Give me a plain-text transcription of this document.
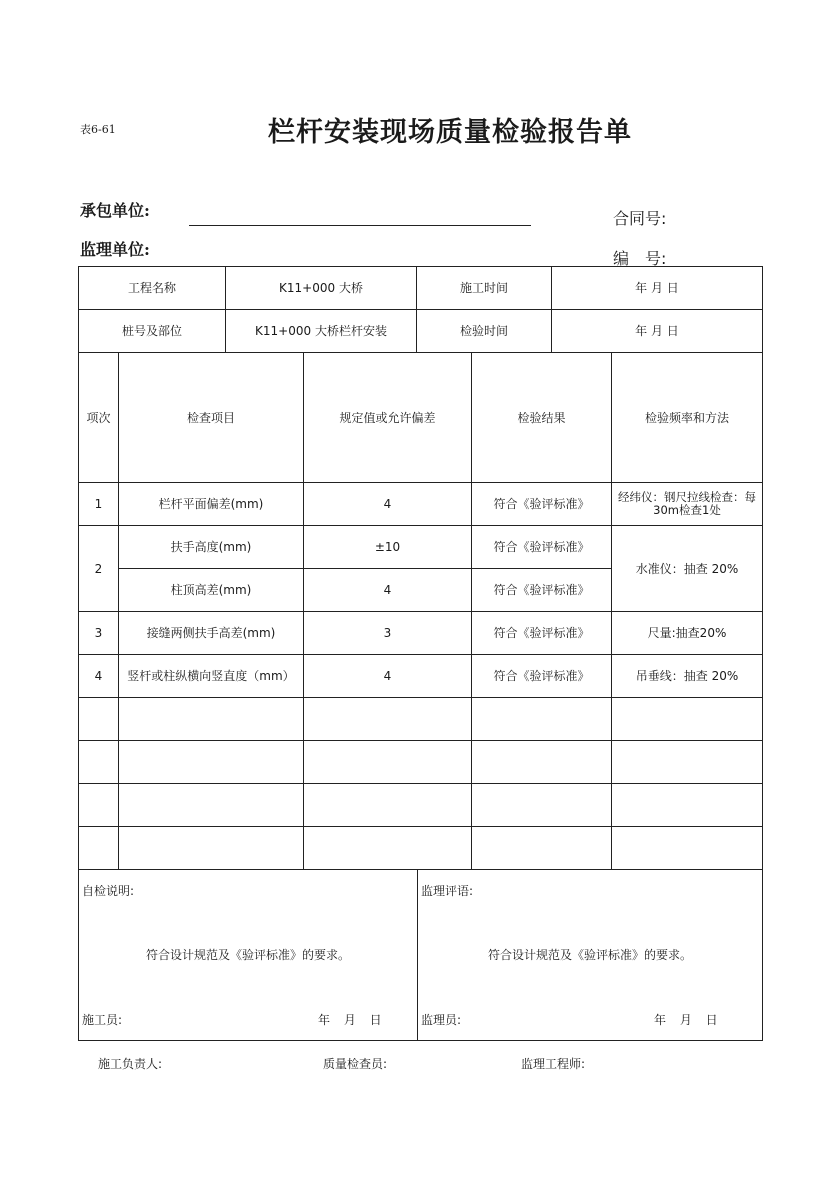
表6-61	栏杆安装现场质量检验报告单
承包单位:
监理单位:
合同号:
编　号:
工程名称	K11+000 大桥	施工时间	年 月 日
桩号及部位	K11+000 大桥栏杆安装	检验时间	年 月 日
项次	检查项目	规定值或允许偏差	检验结果	检验频率和方法
1	栏杆平面偏差(mm)	4	符合《验评标准》	经纬仪：钢尺拉线检查：每30m检查1处
2	扶手高度(mm)	±10	符合《验评标准》	水准仪：抽查 20%
	柱顶高差(mm)	4	符合《验评标准》	
3	接缝两侧扶手高差(mm)	3	符合《验评标准》	尺量:抽查20%
4	竖杆或柱纵横向竖直度（mm）	4	符合《验评标准》	吊垂线：抽查 20%

自检说明:
符合设计规范及《验评标准》的要求。
施工员:	年 月 日

监理评语:
符合设计规范及《验评标准》的要求。
监理员:	年 月 日
施工负责人:	质量检查员:	监理工程师:
